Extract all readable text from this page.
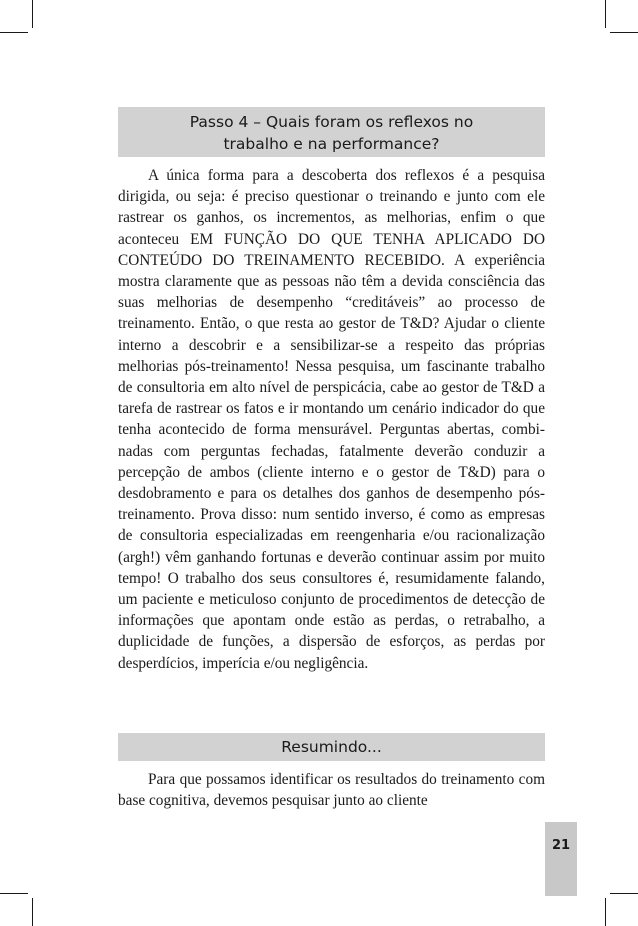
Passo 4 – Quais foram os reflexos no trabalho e na performance?

A única forma para a descoberta dos reflexos é a pesquisa dirigida, ou seja: é preciso questionar o treinando e junto com ele rastrear os ganhos, os incrementos, as melhorias, enfim o que aconteceu EM FUNÇÃO DO QUE TENHA APLICADO DO CONTEÚDO DO TREINAMENTO RECEBIDO. A experiência mostra claramente que as pessoas não têm a devida consciência das suas melhorias de desempenho “creditáveis” ao processo de treinamento. Então, o que resta ao gestor de T&D? Ajudar o cliente interno a descobrir e a sensibilizar-se a respeito das próprias melhorias pós-treinamento! Nessa pesquisa, um fascinante trabalho de consultoria em alto nível de perspicácia, cabe ao gestor de T&D a tarefa de rastrear os fatos e ir montando um cenário indicador do que tenha acontecido de forma mensurável. Perguntas abertas, combinadas com perguntas fechadas, fatalmente deverão conduzir a percepção de ambos (cliente interno e o gestor de T&D) para o desdobramento e para os detalhes dos ganhos de desempenho pós-treinamento. Prova disso: num sentido inverso, é como as empresas de consultoria especializadas em reengenharia e/ou racionalização (argh!) vêm ganhando fortunas e deverão continuar assim por muito tempo! O trabalho dos seus consultores é, resumidamente falando, um paciente e meticuloso conjunto de procedimentos de detecção de informações que apontam onde estão as perdas, o retrabalho, a duplicidade de funções, a dispersão de esforços, as perdas por desperdícios, imperícia e/ou negligência.

Resumindo...

Para que possamos identificar os resultados do treinamento com base cognitiva, devemos pesquisar junto ao cliente

21
